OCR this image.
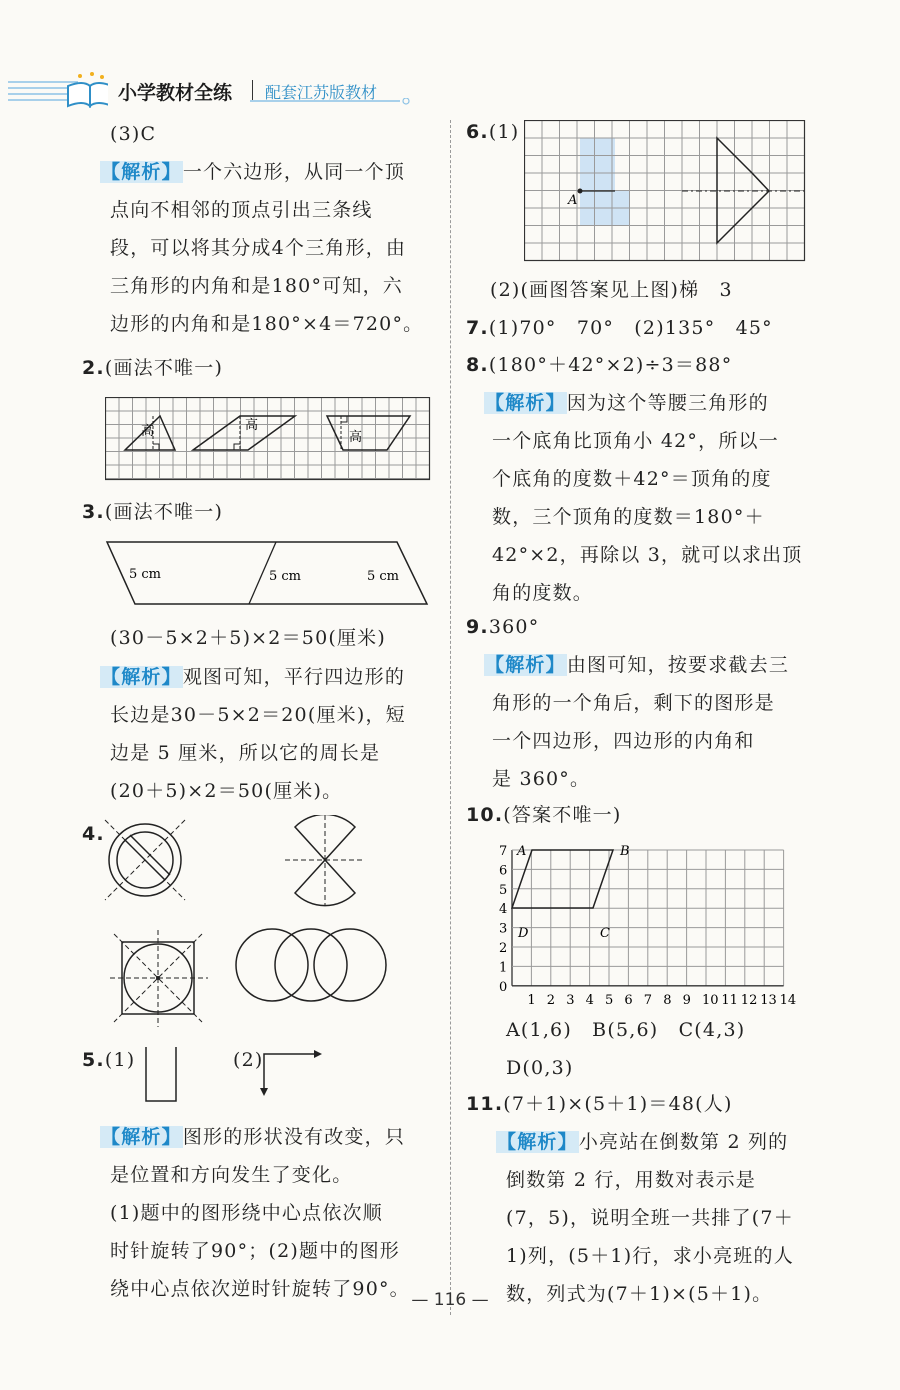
小学教材全练 配套江苏版教材
(3)C
【解析】一个六边形，从同一个顶
点向不相邻的顶点引出三条线
段，可以将其分成4个三角形，由
三角形的内角和是180°可知，六
边形的内角和是180°×4＝720°。
2.(画法不唯一)
高	高
高
3.(画法不唯一)
5 cm	5 cm	5 cm
(30－5×2＋5)×2＝50(厘米)
【解析】观图可知，平行四边形的
长边是30－5×2＝20(厘米)，短
边是 5 厘米，所以它的周长是
(20＋5)×2＝50(厘米)。
4.
5.(1)	(2)
【解析】图形的形状没有改变，只
是位置和方向发生了变化。
(1)题中的图形绕中心点依次顺
时针旋转了90°；(2)题中的图形
绕中心点依次逆时针旋转了90°。
6.(1)
A
(2)(画图答案见上图)梯　3
7.(1)70°　70°　(2)135°　45°
8.(180°＋42°×2)÷3＝88°
【解析】因为这个等腰三角形的
一个底角比顶角小 42°，所以一
个底角的度数＋42°＝顶角的度
数，三个顶角的度数＝180°＋
42°×2，再除以 3，就可以求出顶
角的度数。
9.360°
【解析】由图可知，按要求截去三
角形的一个角后，剩下的图形是
一个四边形，四边形的内角和
是 360°。
10.(答案不唯一)
1 2 3 4 5 6 7 8 9 10 11 12 13 14
0
1
2
3
4
5
6
7 A	B
C
D
A(1,6)　B(5,6)　C(4,3)
D(0,3)
11.(7＋1)×(5＋1)＝48(人)
【解析】小亮站在倒数第 2 列的
倒数第 2 行，用数对表示是
(7，5)，说明全班一共排了(7＋
1)列，(5＋1)行，求小亮班的人
数，列式为(7＋1)×(5＋1)。
— 116 —
